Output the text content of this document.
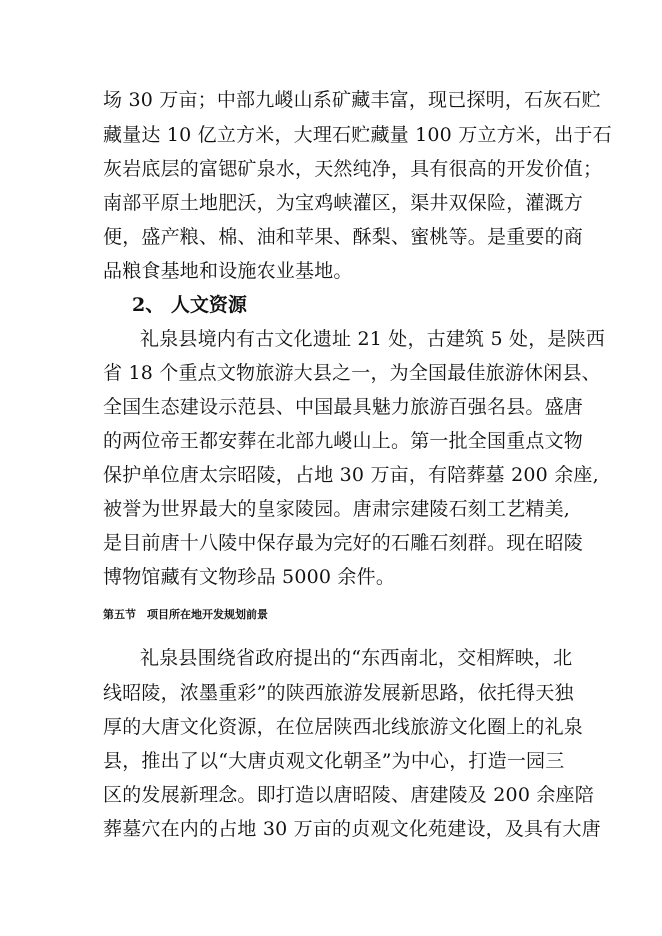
场 30 万亩；中部九嵕山系矿藏丰富，现已探明，石灰石贮
藏量达 10 亿立方米，大理石贮藏量 100 万立方米，出于石
灰岩底层的富锶矿泉水，天然纯净，具有很高的开发价值；
南部平原土地肥沃，为宝鸡峡灌区，渠井双保险，灌溉方
便，盛产粮、棉、油和苹果、酥梨、蜜桃等。是重要的商
品粮食基地和设施农业基地。
2、 人文资源
礼泉县境内有古文化遗址 21 处，古建筑 5 处，是陕西
省 18 个重点文物旅游大县之一，为全国最佳旅游休闲县、
全国生态建设示范县、中国最具魅力旅游百强名县。盛唐
的两位帝王都安葬在北部九嵕山上。第一批全国重点文物
保护单位唐太宗昭陵，占地 30 万亩，有陪葬墓 200 余座,
被誉为世界最大的皇家陵园。唐肃宗建陵石刻工艺精美,
是目前唐十八陵中保存最为完好的石雕石刻群。现在昭陵
博物馆藏有文物珍品 5000 余件。
第五节　项目所在地开发规划前景
礼泉县围绕省政府提出的“东西南北，交相辉映，北
线昭陵，浓墨重彩”的陕西旅游发展新思路，依托得天独
厚的大唐文化资源，在位居陕西北线旅游文化圈上的礼泉
县，推出了以“大唐贞观文化朝圣”为中心，打造一园三
区的发展新理念。即打造以唐昭陵、唐建陵及 200 余座陪
葬墓穴在内的占地 30 万亩的贞观文化苑建设，及具有大唐
